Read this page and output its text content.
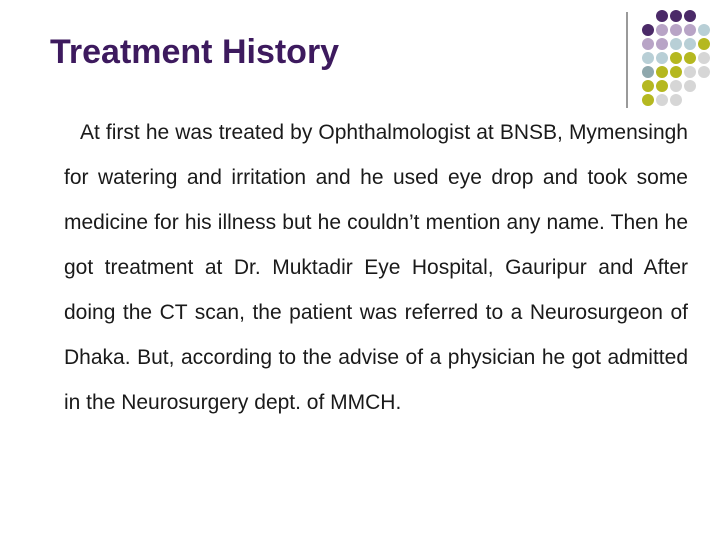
Treatment History

At first he was treated by Ophthalmologist at BNSB, Mymensingh for watering and irritation and he used eye drop and took some medicine for his illness but he couldn’t mention any name. Then he got treatment at Dr. Muktadir Eye Hospital, Gauripur and After doing the CT scan, the patient was referred to a Neurosurgeon of Dhaka. But, according to the advise of a physician he got admitted in the Neurosurgery dept. of MMCH.
